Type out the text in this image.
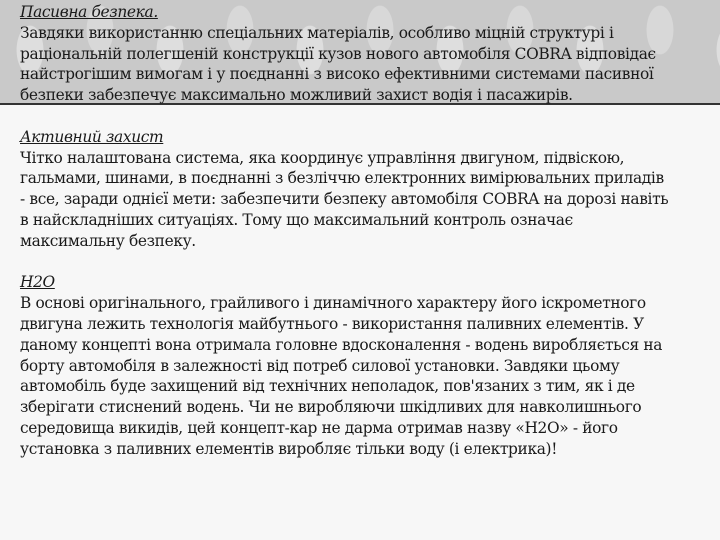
Пасивна безпека.
Завдяки використанню спеціальних матеріалів, особливо міцній структурі і
раціональній полегшеній конструкції кузов нового автомобіля COBRA відповідає
найстрогішим вимогам і у поєднанні з високо ефективними системами пасивної
безпеки забезпечує максимально можливий захист водія і пасажирів.
Активний захист
Чітко налаштована система, яка координує управління двигуном, підвіскою,
гальмами, шинами, в поєднанні з безліччю електронних вимірювальних приладів
- все, заради однієї мети: забезпечити безпеку автомобіля COBRA на дорозі навіть
в найскладніших ситуаціях. Тому що максимальний контроль означає
максимальну безпеку.
H2O
В основі оригінального, грайливого і динамічного характеру його іскрометного
двигуна лежить технологія майбутнього - використання паливних елементів. У
даному концепті вона отримала головне вдосконалення - водень виробляється на
борту автомобіля в залежності від потреб силової установки. Завдяки цьому
автомобіль буде захищений від технічних неполадок, пов'язаних з тим, як і де
зберігати стиснений водень. Чи не виробляючи шкідливих для навколишнього
середовища викидів, цей концепт-кар не дарма отримав назву «H2O» - його
установка з паливних елементів виробляє тільки воду (і електрика)!
